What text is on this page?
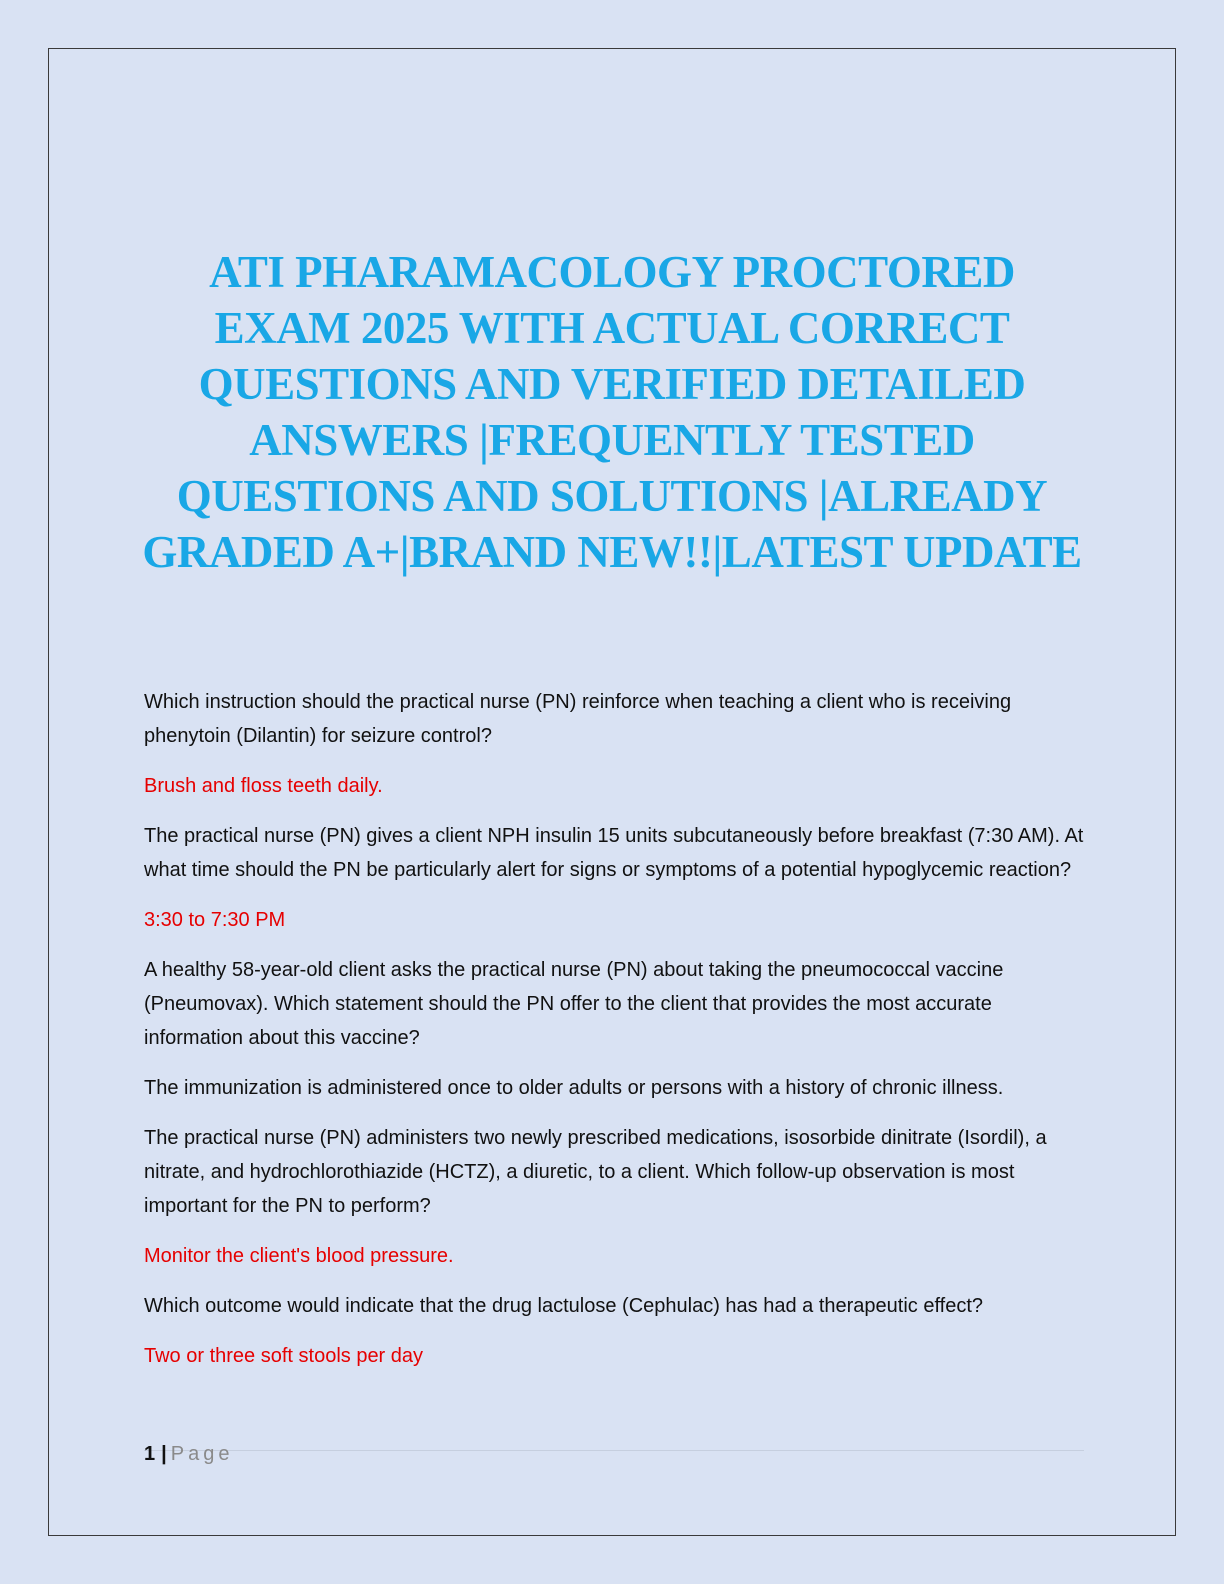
ATI PHARAMACOLOGY PROCTORED EXAM 2025 WITH ACTUAL CORRECT QUESTIONS AND VERIFIED DETAILED ANSWERS |FREQUENTLY TESTED QUESTIONS AND SOLUTIONS |ALREADY GRADED A+|BRAND NEW!!|LATEST UPDATE

Which instruction should the practical nurse (PN) reinforce when teaching a client who is receiving phenytoin (Dilantin) for seizure control?

Brush and floss teeth daily.

The practical nurse (PN) gives a client NPH insulin 15 units subcutaneously before breakfast (7:30 AM). At what time should the PN be particularly alert for signs or symptoms of a potential hypoglycemic reaction?

3:30 to 7:30 PM

A healthy 58-year-old client asks the practical nurse (PN) about taking the pneumococcal vaccine (Pneumovax). Which statement should the PN offer to the client that provides the most accurate information about this vaccine?

The immunization is administered once to older adults or persons with a history of chronic illness.

The practical nurse (PN) administers two newly prescribed medications, isosorbide dinitrate (Isordil), a nitrate, and hydrochlorothiazide (HCTZ), a diuretic, to a client. Which follow-up observation is most important for the PN to perform?

Monitor the client's blood pressure.

Which outcome would indicate that the drug lactulose (Cephulac) has had a therapeutic effect?

Two or three soft stools per day

1 | Page
